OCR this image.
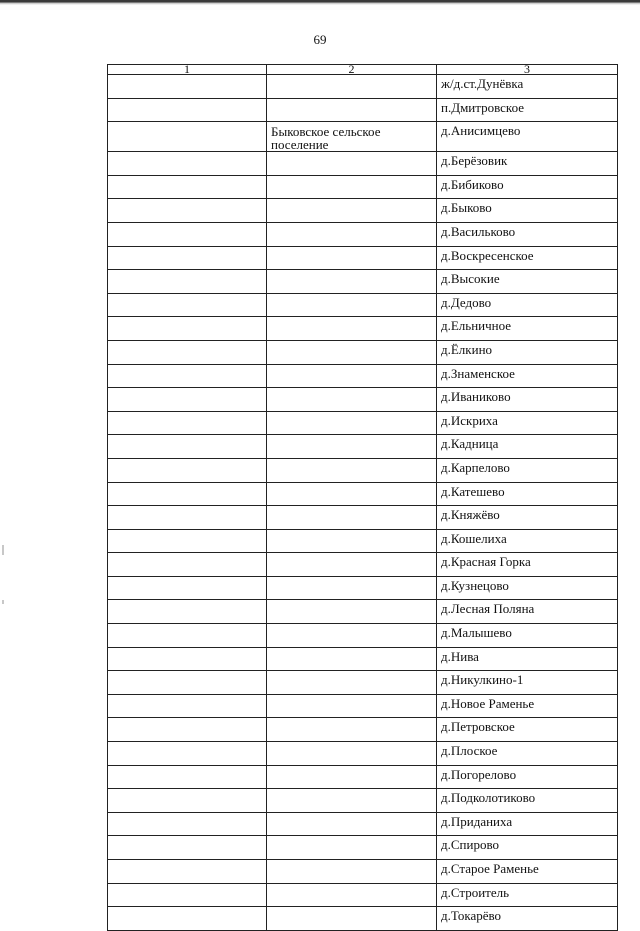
69
1	2	3
		ж/д.ст.Дунёвка
		п.Дмитровское
	Быковское сельское поселение	д.Анисимцево
		д.Берёзовик
		д.Бибиково
		д.Быково
		д.Васильково
		д.Воскресенское
		д.Высокие
		д.Дедово
		д.Ельничное
		д.Ёлкино
		д.Знаменское
		д.Иваниково
		д.Искриха
		д.Кадница
		д.Карпелово
		д.Катешево
		д.Княжёво
		д.Кошелиха
		д.Красная Горка
		д.Кузнецово
		д.Лесная Поляна
		д.Малышево
		д.Нива
		д.Никулкино-1
		д.Новое Раменье
		д.Петровское
		д.Плоское
		д.Погорелово
		д.Подколотиково
		д.Приданиха
		д.Спирово
		д.Старое Раменье
		д.Строитель
		д.Токарёво
